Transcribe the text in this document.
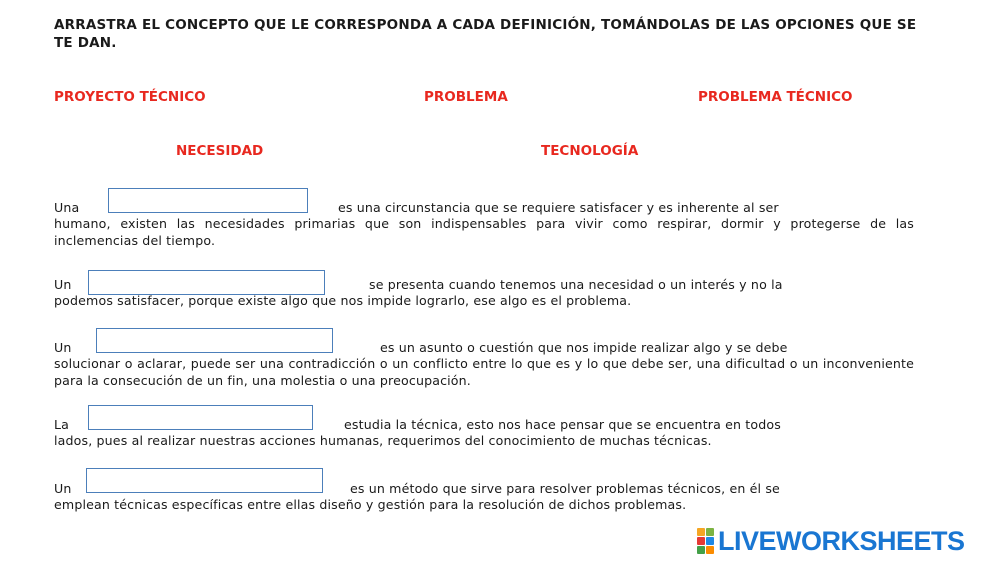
ARRASTRA EL CONCEPTO QUE LE CORRESPONDA A CADA DEFINICIÓN, TOMÁNDOLAS DE LAS OPCIONES QUE SE TE DAN.
PROYECTO TÉCNICO	PROBLEMA	PROBLEMA TÉCNICO
NECESIDAD	TECNOLOGÍA
Una	es una circunstancia que se requiere satisfacer y es inherente al ser
humano, existen las necesidades primarias que son indispensables para vivir como respirar, dormir y protegerse de las inclemencias del tiempo.
Un	se presenta cuando tenemos una necesidad o un interés y no la
podemos satisfacer, porque existe algo que nos impide lograrlo, ese algo es el problema.
Un	es un asunto o cuestión que nos impide realizar algo y se debe
solucionar o aclarar, puede ser una contradicción o un conflicto entre lo que es y lo que debe ser, una dificultad o un inconveniente para la consecución de un fin, una molestia o una preocupación.
La	estudia la técnica, esto nos hace pensar que se encuentra en todos
lados, pues al realizar nuestras acciones humanas, requerimos del conocimiento de muchas técnicas.
Un	es un método que sirve para resolver problemas técnicos, en él se
emplean técnicas específicas entre ellas diseño y gestión para la resolución de dichos problemas.
LIVEWORKSHEETS
